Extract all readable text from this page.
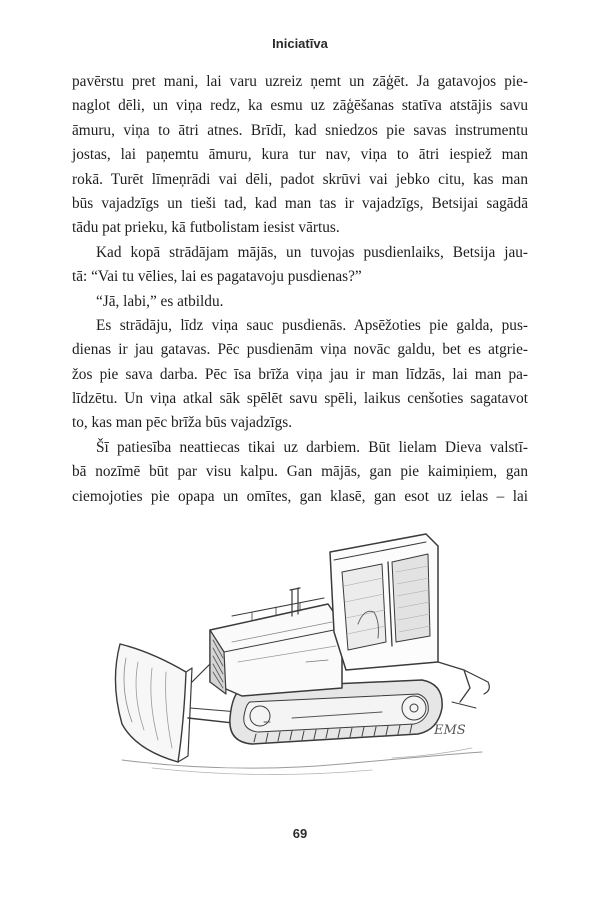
Iniciatīva
pavērstu pret mani, lai varu uzreiz ņemt un zāģēt. Ja gatavojos pie-
naglot dēli, un viņa redz, ka esmu uz zāģēšanas statīva atstājis savu
āmuru, viņa to ātri atnes. Brīdī, kad sniedzos pie savas instrumentu
jostas, lai paņemtu āmuru, kura tur nav, viņa to ātri iespiež man
rokā. Turēt līmeņrādi vai dēli, padot skrūvi vai jebko citu, kas man
būs vajadzīgs un tieši tad, kad man tas ir vajadzīgs, Betsijai sagādā
tādu pat prieku, kā futbolistam iesist vārtus.
Kad kopā strādājam mājās, un tuvojas pusdienlaiks, Betsija jau-
tā: “Vai tu vēlies, lai es pagatavoju pusdienas?”
“Jā, labi,” es atbildu.
Es strādāju, līdz viņa sauc pusdienās. Apsēžoties pie galda, pus-
dienas ir jau gatavas. Pēc pusdienām viņa novāc galdu, bet es atgrie-
žos pie sava darba. Pēc īsa brīža viņa jau ir man līdzās, lai man pa-
līdzētu. Un viņa atkal sāk spēlēt savu spēli, laikus cenšoties sagatavot
to, kas man pēc brīža būs vajadzīgs.
Šī patiesība neattiecas tikai uz darbiem. Būt lielam Dieva valstī-
bā nozīmē būt par visu kalpu. Gan mājās, gan pie kaimiņiem, gan
ciemojoties pie opapa un omītes, gan klasē, gan esot uz ielas – lai
EMS
69
